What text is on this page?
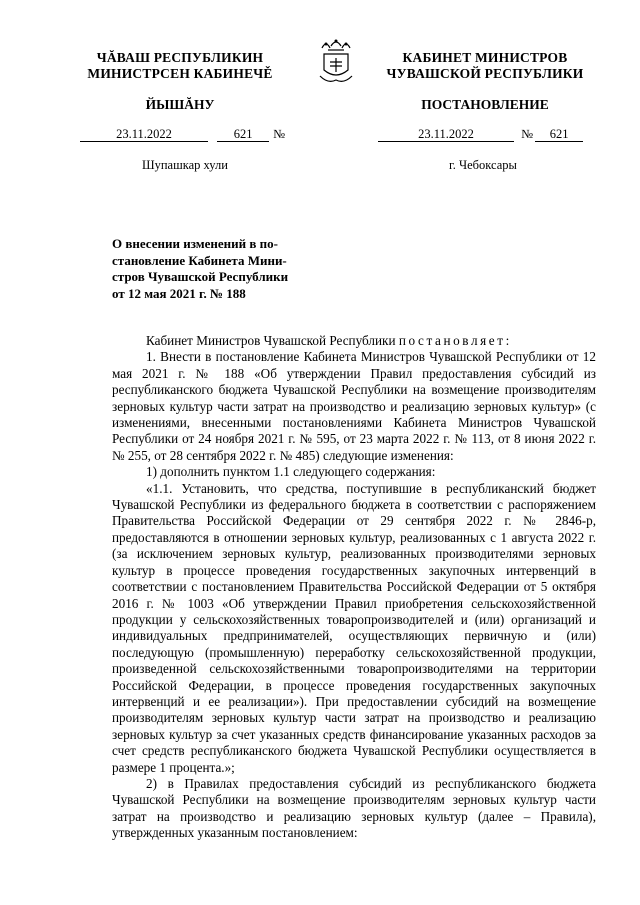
ЧĂВАШ РЕСПУБЛИКИН
МИНИСТРСЕН КАБИНЕЧĚ
ЙЫШĂНУ
КАБИНЕТ МИНИСТРОВ
ЧУВАШСКОЙ РЕСПУБЛИКИ
ПОСТАНОВЛЕНИЕ
23.11.2022	621 №	23.11.2022	№ 621
Шупашкар хули	г. Чебоксары
О внесении изменений в по-
становление Кабинета Мини-
стров Чувашской Республики
от 12 мая 2021 г. № 188

Кабинет Министров Чувашской Республики постановляет:

1. Внести в постановление Кабинета Министров Чувашской Республики от 12 мая 2021 г. № 188 «Об утверждении Правил предоставления субсидий из республиканского бюджета Чувашской Республики на возмещение производителям зерновых культур части затрат на производство и реализацию зерновых культур» (с изменениями, внесенными постановлениями Кабинета Министров Чувашской Республики от 24 ноября 2021 г. № 595, от 23 марта 2022 г. № 113, от 8 июня 2022 г. № 255, от 28 сентября 2022 г. № 485) следующие изменения:

1) дополнить пунктом 1.1 следующего содержания:

«1.1. Установить, что средства, поступившие в республиканский бюджет Чувашской Республики из федерального бюджета в соответствии с распоряжением Правительства Российской Федерации от 29 сентября 2022 г. № 2846-р, предоставляются в отношении зерновых культур, реализованных с 1 августа 2022 г. (за исключением зерновых культур, реализованных производителями зерновых культур в процессе проведения государственных закупочных интервенций в соответствии с постановлением Правительства Российской Федерации от 5 октября 2016 г. № 1003 «Об утверждении Правил приобретения сельскохозяйственной продукции у сельскохозяйственных товаропроизводителей и (или) организаций и индивидуальных предпринимателей, осуществляющих первичную и (или) последующую (промышленную) переработку сельскохозяйственной продукции, произведенной сельскохозяйственными товаропроизводителями на территории Российской Федерации, в процессе проведения государственных закупочных интервенций и ее реализации»). При предоставлении субсидий на возмещение производителям зерновых культур части затрат на производство и реализацию зерновых культур за счет указанных средств финансирование указанных расходов за счет средств республиканского бюджета Чувашской Республики осуществляется в размере 1 процента.»;

2) в Правилах предоставления субсидий из республиканского бюджета Чувашской Республики на возмещение производителям зерновых культур части затрат на производство и реализацию зерновых культур (далее – Правила), утвержденных указанным постановлением:
